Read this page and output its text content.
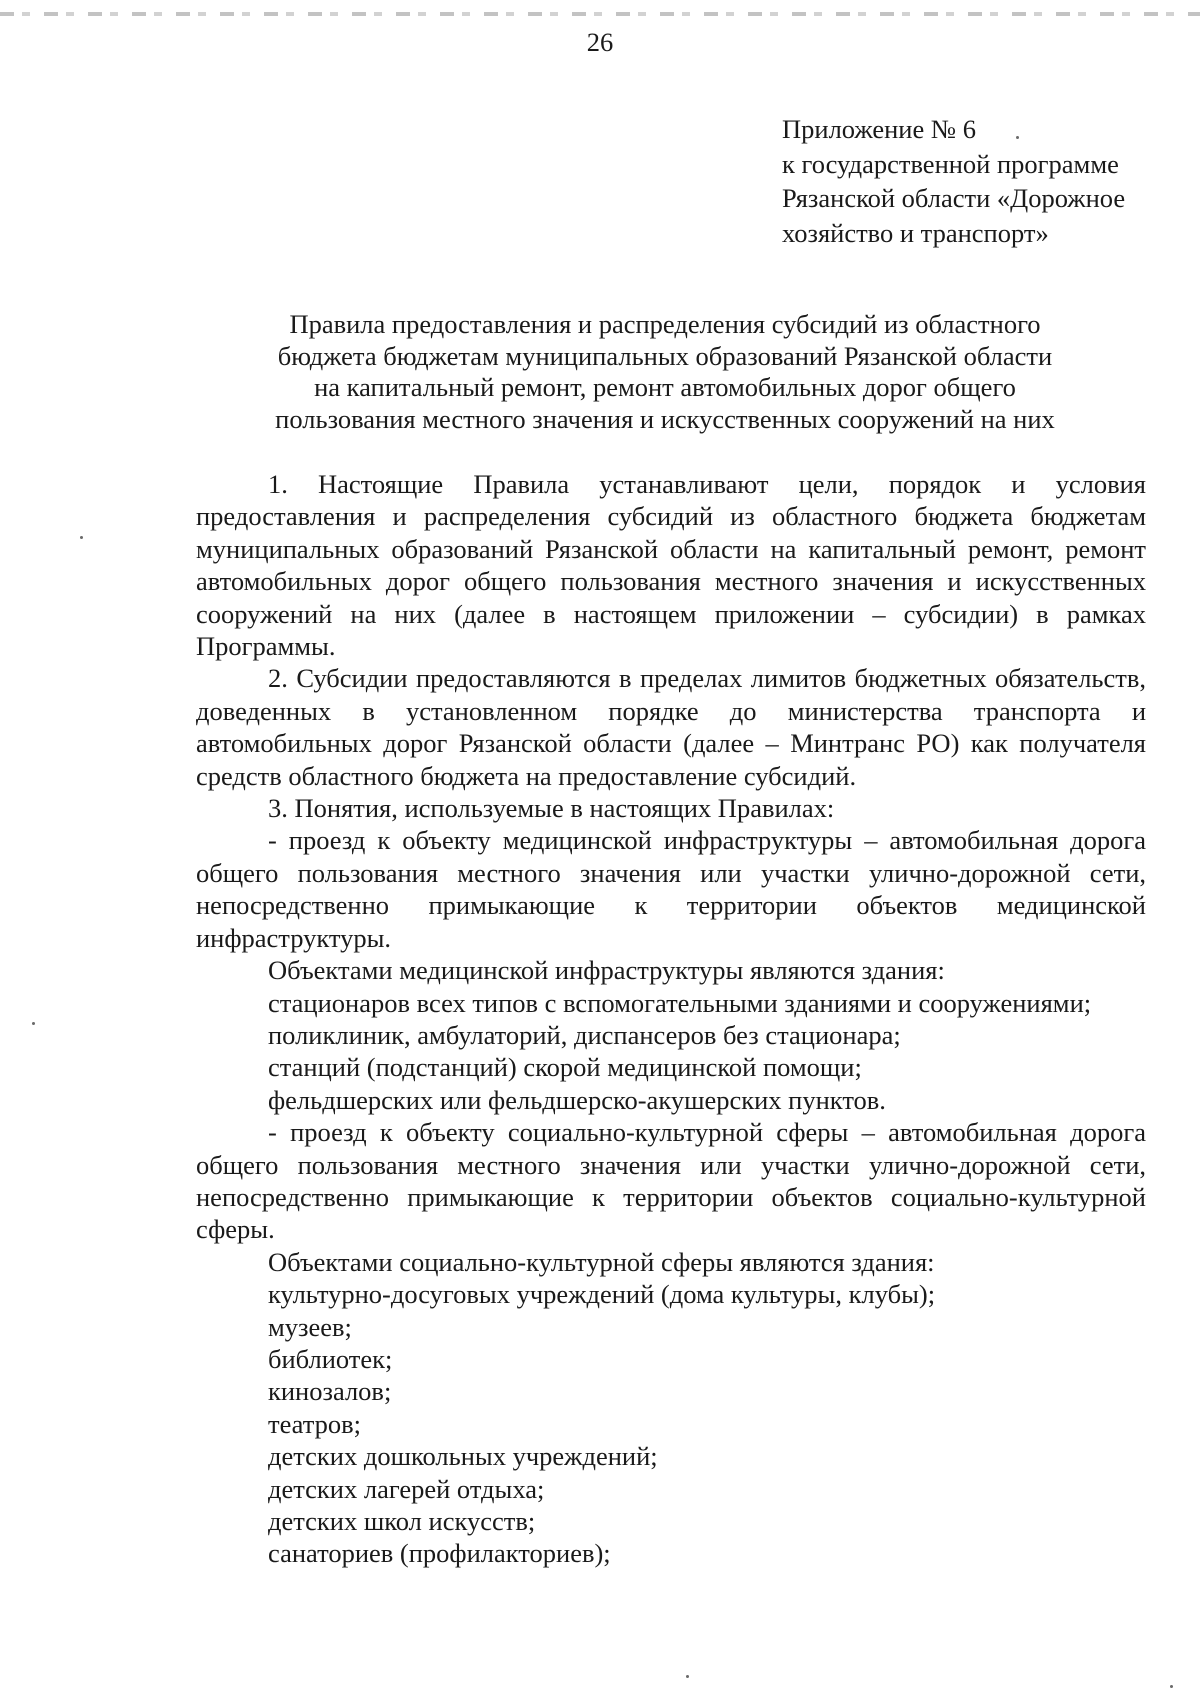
26
Приложение № 6
к государственной программе
Рязанской области «Дорожное
хозяйство и транспорт»
Правила предоставления и распределения субсидий из областного
бюджета бюджетам муниципальных образований Рязанской области
на капитальный ремонт, ремонт автомобильных дорог общего
пользования местного значения и искусственных сооружений на них

1. Настоящие Правила устанавливают цели, порядок и условия предоставления и распределения субсидий из областного бюджета бюджетам муниципальных образований Рязанской области на капитальный ремонт, ремонт автомобильных дорог общего пользования местного значения и искусственных сооружений на них (далее в настоящем приложении – субсидии) в рамках Программы.

2. Субсидии предоставляются в пределах лимитов бюджетных обязательств, доведенных в установленном порядке до министерства транспорта и автомобильных дорог Рязанской области (далее – Минтранс РО) как получателя средств областного бюджета на предоставление субсидий.

3. Понятия, используемые в настоящих Правилах:

- проезд к объекту медицинской инфраструктуры – автомобильная дорога общего пользования местного значения или участки улично-дорожной сети, непосредственно примыкающие к территории объектов медицинской инфраструктуры.

Объектами медицинской инфраструктуры являются здания:

стационаров всех типов с вспомогательными зданиями и сооружениями;

поликлиник, амбулаторий, диспансеров без стационара;

станций (подстанций) скорой медицинской помощи;

фельдшерских или фельдшерско-акушерских пунктов.

- проезд к объекту социально-культурной сферы – автомобильная дорога общего пользования местного значения или участки улично-дорожной сети, непосредственно примыкающие к территории объектов социально-культурной сферы.

Объектами социально-культурной сферы являются здания:

культурно-досуговых учреждений (дома культуры, клубы);

музеев;

библиотек;

кинозалов;

театров;

детских дошкольных учреждений;

детских лагерей отдыха;

детских школ искусств;

санаториев (профилакториев);
